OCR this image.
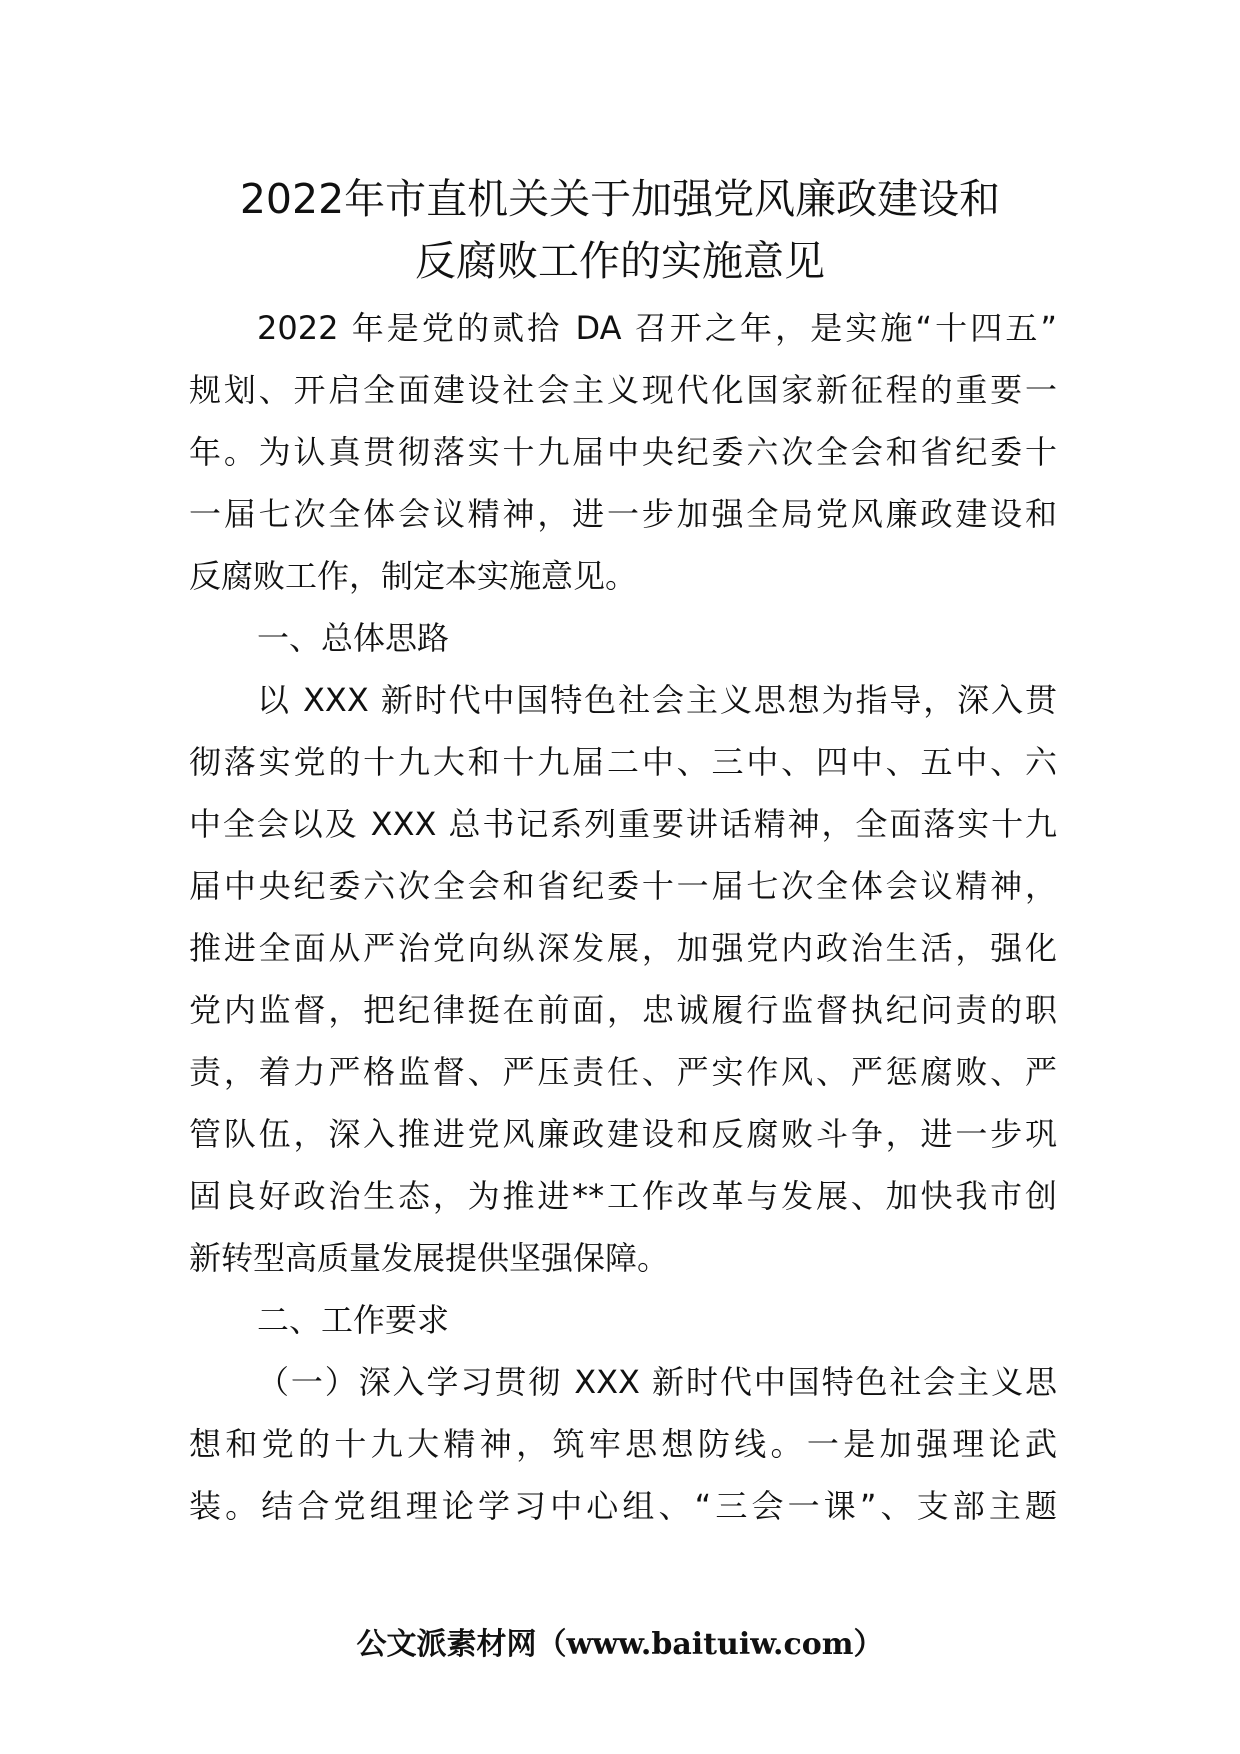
2022年市直机关关于加强党风廉政建设和
反腐败工作的实施意见
2022 年是党的贰拾 DA 召开之年，是实施“十四五”
规划、开启全面建设社会主义现代化国家新征程的重要一
年。为认真贯彻落实十九届中央纪委六次全会和省纪委十
一届七次全体会议精神，进一步加强全局党风廉政建设和
反腐败工作，制定本实施意见。
一、总体思路
以 XXX 新时代中国特色社会主义思想为指导，深入贯
彻落实党的十九大和十九届二中、三中、四中、五中、六
中全会以及 XXX 总书记系列重要讲话精神，全面落实十九
届中央纪委六次全会和省纪委十一届七次全体会议精神，
推进全面从严治党向纵深发展，加强党内政治生活，强化
党内监督，把纪律挺在前面，忠诚履行监督执纪问责的职
责，着力严格监督、严压责任、严实作风、严惩腐败、严
管队伍，深入推进党风廉政建设和反腐败斗争，进一步巩
固良好政治生态，为推进**工作改革与发展、加快我市创
新转型高质量发展提供坚强保障。
二、工作要求
（一）深入学习贯彻 XXX 新时代中国特色社会主义思
想和党的十九大精神，筑牢思想防线。一是加强理论武
装。结合党组理论学习中心组、“三会一课”、支部主题
公文派素材网（www.baituiw.com）
